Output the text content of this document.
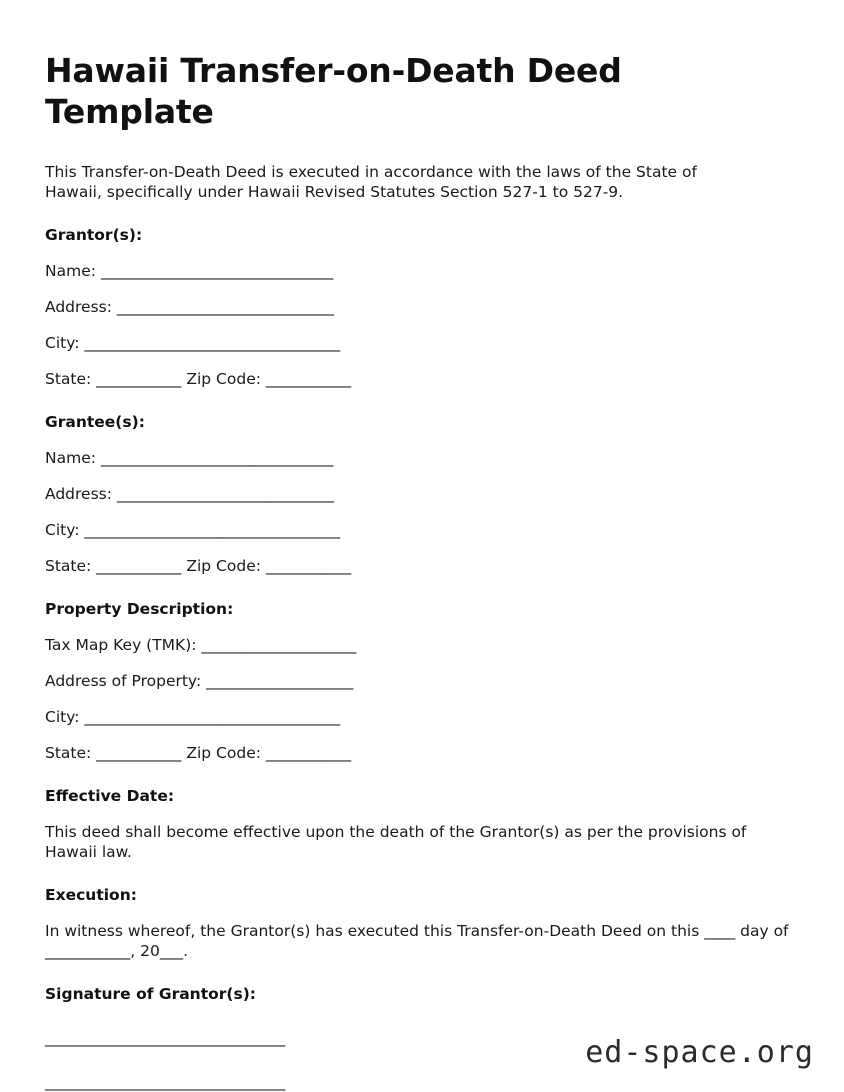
Hawaii Transfer-on-Death Deed Template

This Transfer-on-Death Deed is executed in accordance with the laws of the State of Hawaii, specifically under Hawaii Revised Statutes Section 527-1 to 527-9.

Grantor(s):
Name: ______________________________
Address: ____________________________
City: _________________________________
State: ___________ Zip Code: ___________
Grantee(s):
Name: ______________________________
Address: ____________________________
City: _________________________________
State: ___________ Zip Code: ___________
Property Description:
Tax Map Key (TMK): ____________________
Address of Property: ___________________
City: _________________________________
State: ___________ Zip Code: ___________
Effective Date:

This deed shall become effective upon the death of the Grantor(s) as per the provisions of Hawaii law.

Execution:

In witness whereof, the Grantor(s) has executed this Transfer-on-Death Deed on this ____ day of ___________, 20___.

Signature of Grantor(s):
_______________________________
_______________________________
ed-space.org
